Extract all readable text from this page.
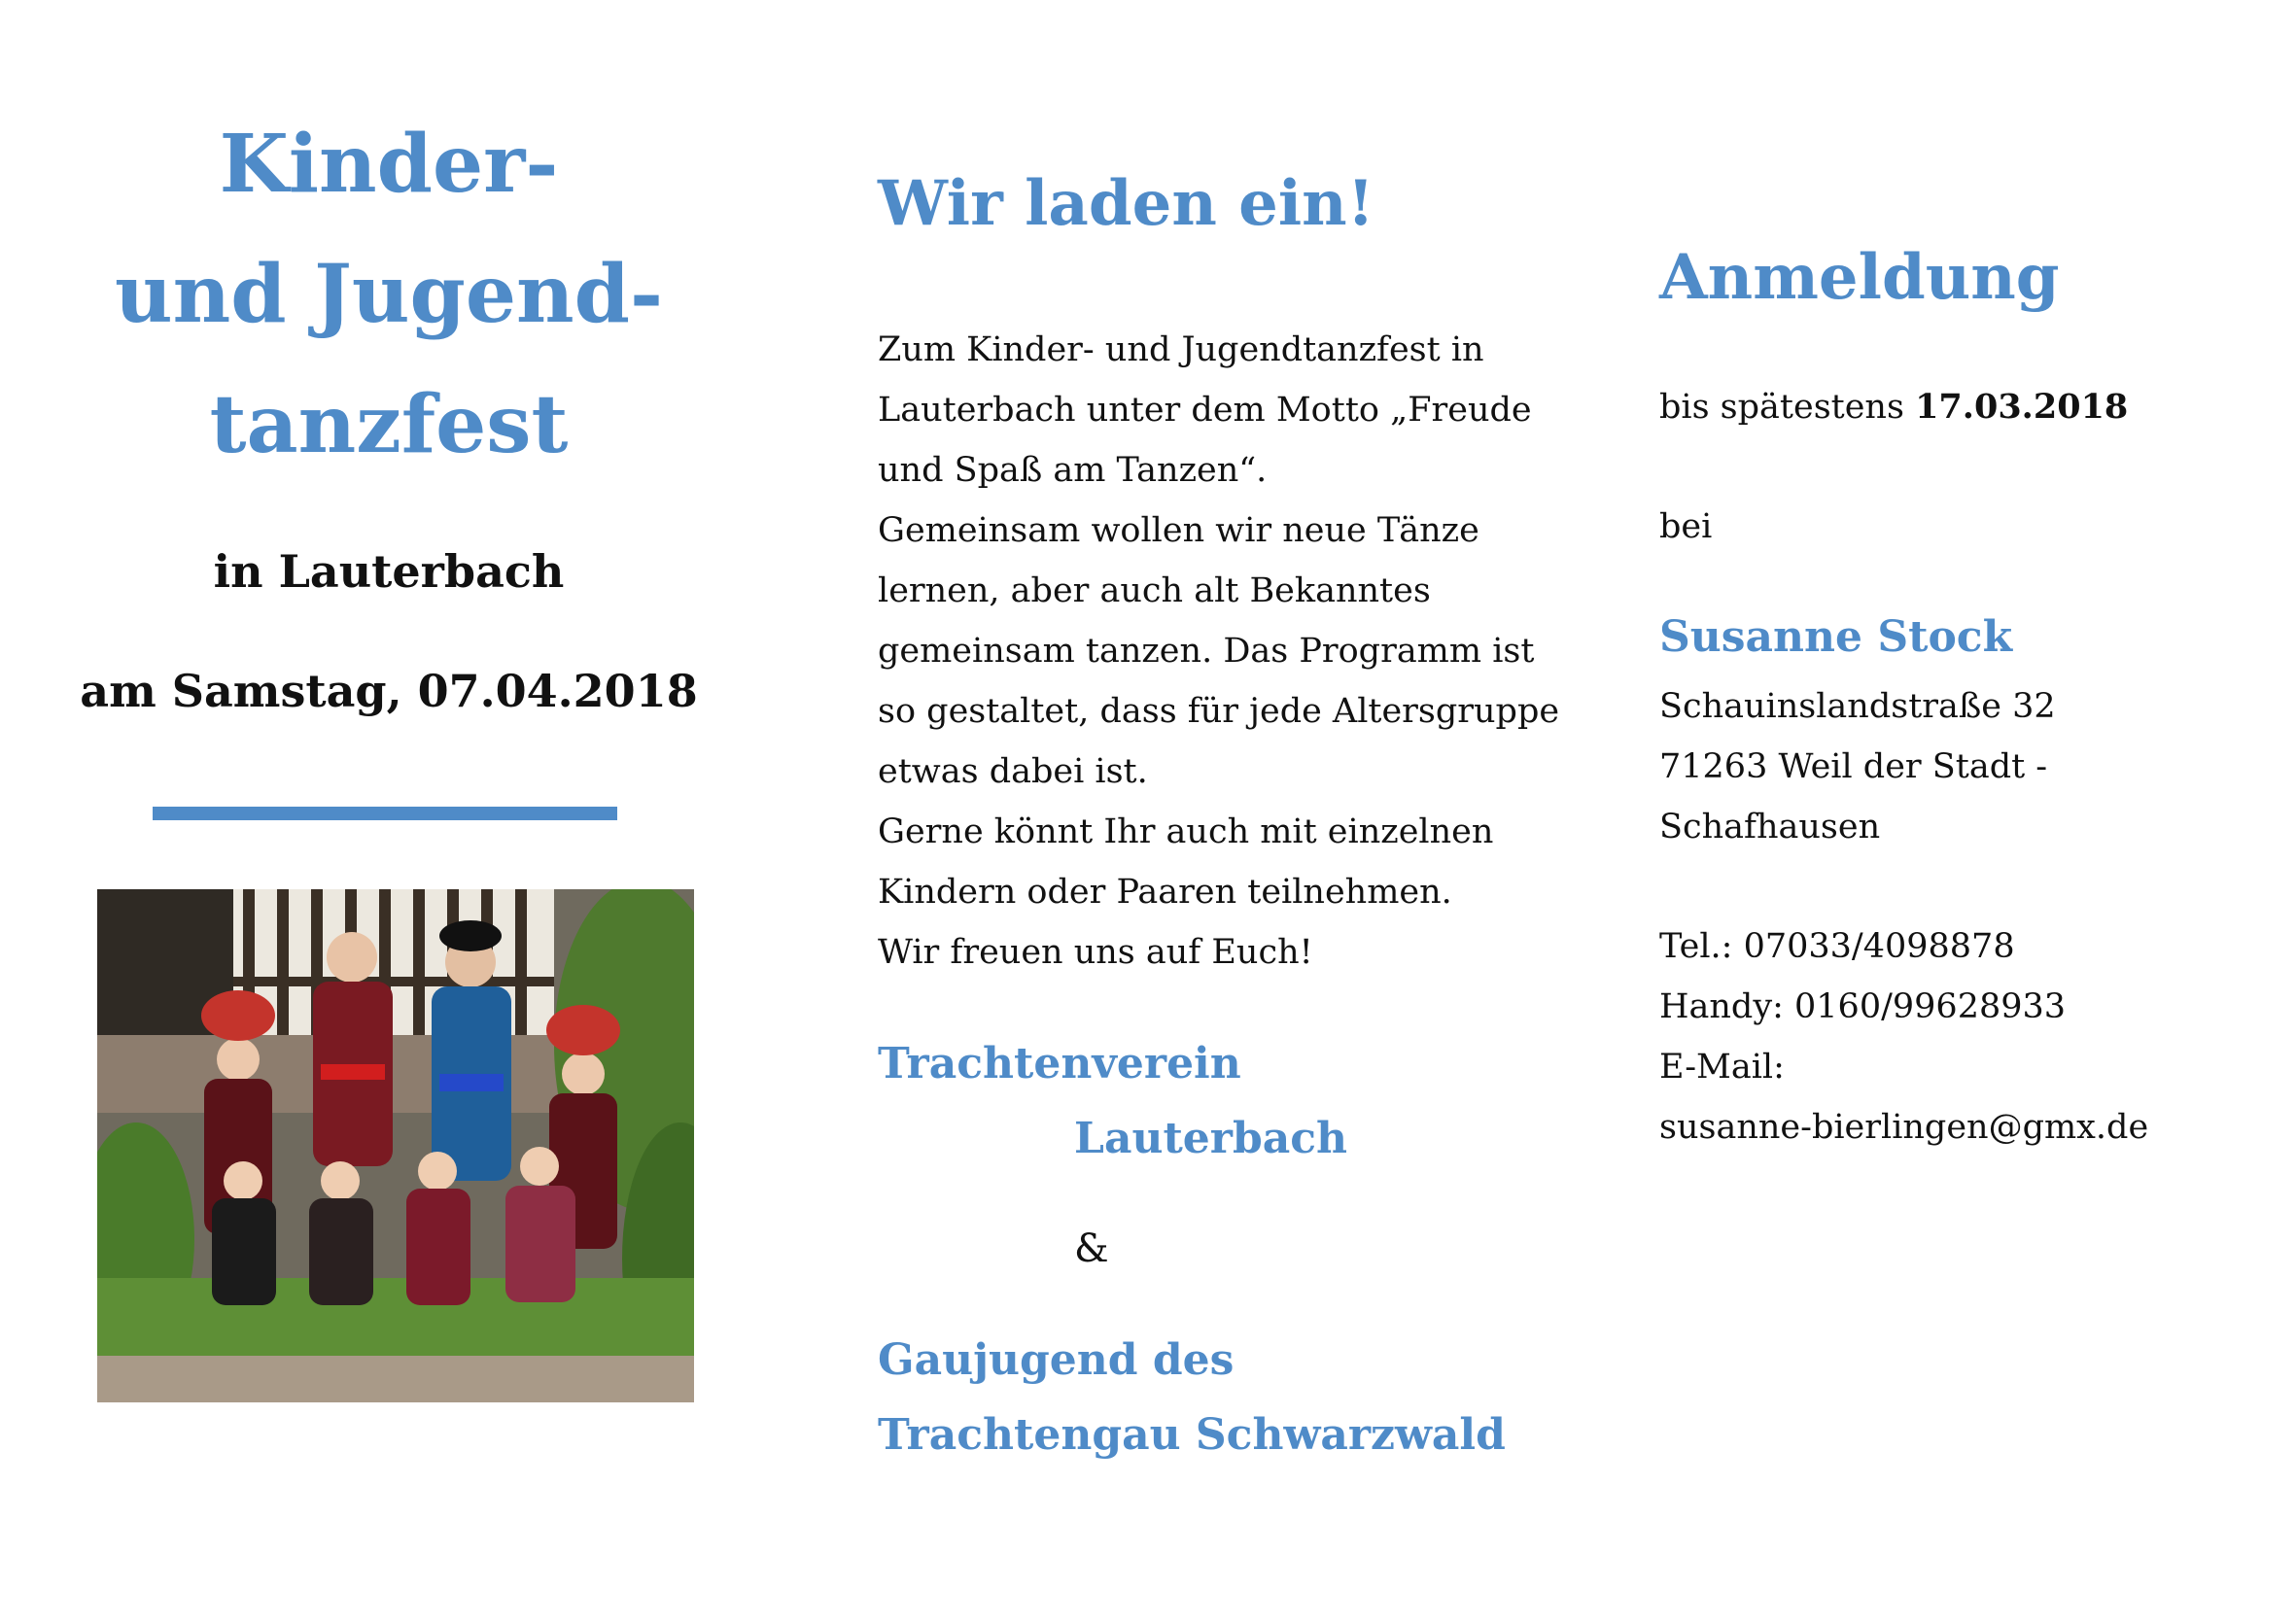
Kinder-
und Jugend-
tanzfest
in Lauterbach
am Samstag, 07.04.2018
Wir laden ein!
Zum Kinder- und Jugendtanzfest in
Lauterbach unter dem Motto „Freude
und Spaß am Tanzen“.
Gemeinsam wollen wir neue Tänze
lernen, aber auch alt Bekanntes
gemeinsam tanzen. Das Programm ist
so gestaltet, dass für jede Altersgruppe
etwas dabei ist.
Gerne könnt Ihr auch mit einzelnen
Kindern oder Paaren teilnehmen.
Wir freuen uns auf Euch!
Trachtenverein
Lauterbach
&
Gaujugend des
Trachtengau Schwarzwald
Anmeldung
bis spätestens 17.03.2018
bei
Susanne Stock
Schauinslandstraße 32
71263 Weil der Stadt -
Schafhausen
Tel.: 07033/4098878
Handy: 0160/99628933
E-Mail:
susanne-bierlingen@gmx.de
